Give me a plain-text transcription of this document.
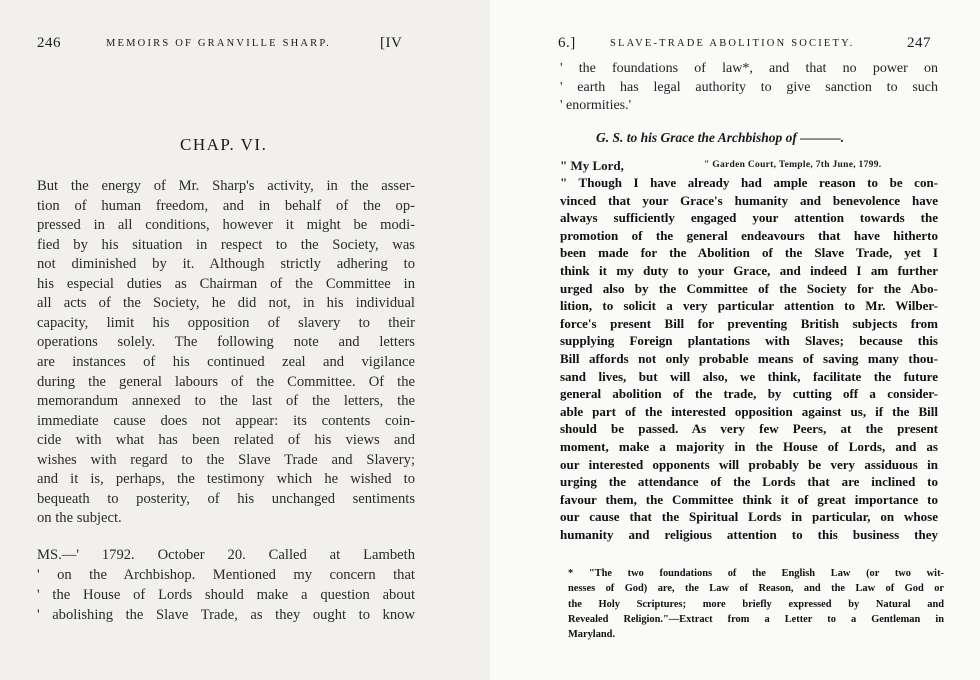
246	MEMOIRS OF GRANVILLE SHARP.	[IV
CHAP. VI.
But the energy of Mr. Sharp's activity, in the asser-
tion of human freedom, and in behalf of the op-
pressed in all conditions, however it might be modi-
fied by his situation in respect to the Society, was
not diminished by it. Although strictly adhering to
his especial duties as Chairman of the Committee in
all acts of the Society, he did not, in his individual
capacity, limit his opposition of slavery to their
operations solely. The following note and letters
are instances of his continued zeal and vigilance
during the general labours of the Committee. Of the
memorandum annexed to the last of the letters, the
immediate cause does not appear: its contents coin-
cide with what has been related of his views and
wishes with regard to the Slave Trade and Slavery;
and it is, perhaps, the testimony which he wished to
bequeath to posterity, of his unchanged sentiments
on the subject.
MS.—' 1792. October 20. Called at Lambeth
' on the Archbishop. Mentioned my concern that
' the House of Lords should make a question about
' abolishing the Slave Trade, as they ought to know
6.]	SLAVE-TRADE ABOLITION SOCIETY.	247
' the foundations of law*, and that no power on
' earth has legal authority to give sanction to such
' enormities.'
G. S. to his Grace the Archbishop of ———.
" My Lord,	" Garden Court, Temple, 7th June, 1799.
" Though I have already had ample reason to be con-
vinced that your Grace's humanity and benevolence have
always sufficiently engaged your attention towards the
promotion of the general endeavours that have hitherto
been made for the Abolition of the Slave Trade, yet I
think it my duty to your Grace, and indeed I am further
urged also by the Committee of the Society for the Abo-
lition, to solicit a very particular attention to Mr. Wilber-
force's present Bill for preventing British subjects from
supplying Foreign plantations with Slaves; because this
Bill affords not only probable means of saving many thou-
sand lives, but will also, we think, facilitate the future
general abolition of the trade, by cutting off a consider-
able part of the interested opposition against us, if the Bill
should be passed. As very few Peers, at the present
moment, make a majority in the House of Lords, and as
our interested opponents will probably be very assiduous in
urging the attendance of the Lords that are inclined to
favour them, the Committee think it of great importance to
our cause that the Spiritual Lords in particular, on whose
humanity and religious attention to this business they
* "The two foundations of the English Law (or two wit-
nesses of God) are, the Law of Reason, and the Law of God or
the Holy Scriptures; more briefly expressed by Natural and
Revealed Religion."—Extract from a Letter to a Gentleman in
Maryland.
